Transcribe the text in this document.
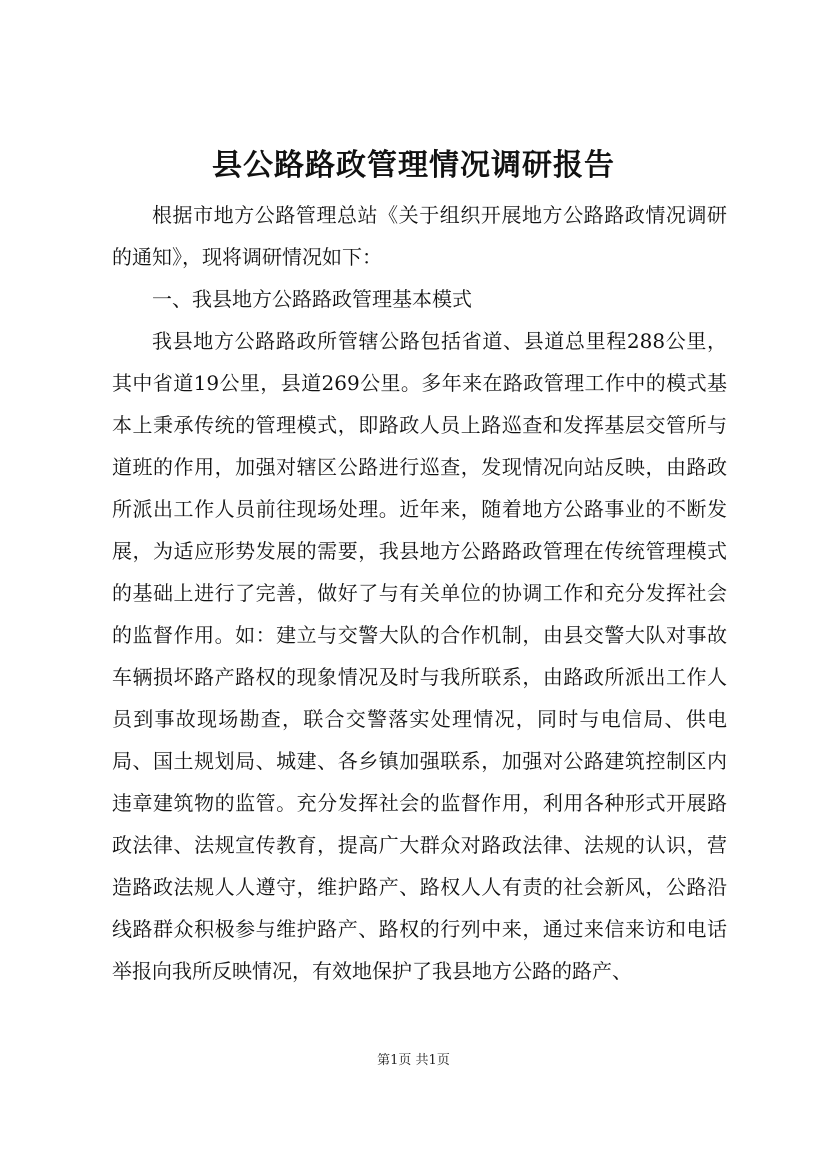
县公路路政管理情况调研报告

根据市地方公路管理总站《关于组织开展地方公路路政情况调研的通知》，现将调研情况如下：

一、我县地方公路路政管理基本模式

我县地方公路路政所管辖公路包括省道、县道总里程288公里，其中省道19公里，县道269公里。多年来在路政管理工作中的模式基本上秉承传统的管理模式，即路政人员上路巡查和发挥基层交管所与道班的作用，加强对辖区公路进行巡查，发现情况向站反映，由路政所派出工作人员前往现场处理。近年来，随着地方公路事业的不断发展，为适应形势发展的需要，我县地方公路路政管理在传统管理模式的基础上进行了完善，做好了与有关单位的协调工作和充分发挥社会的监督作用。如：建立与交警大队的合作机制，由县交警大队对事故车辆损坏路产路权的现象情况及时与我所联系，由路政所派出工作人员到事故现场勘查，联合交警落实处理情况，同时与电信局、供电局、国土规划局、城建、各乡镇加强联系，加强对公路建筑控制区内违章建筑物的监管。充分发挥社会的监督作用，利用各种形式开展路政法律、法规宣传教育，提高广大群众对路政法律、法规的认识，营造路政法规人人遵守，维护路产、路权人人有责的社会新风，公路沿线路群众积极参与维护路产、路权的行列中来，通过来信来访和电话举报向我所反映情况，有效地保护了我县地方公路的路产、

第1页 共1页
